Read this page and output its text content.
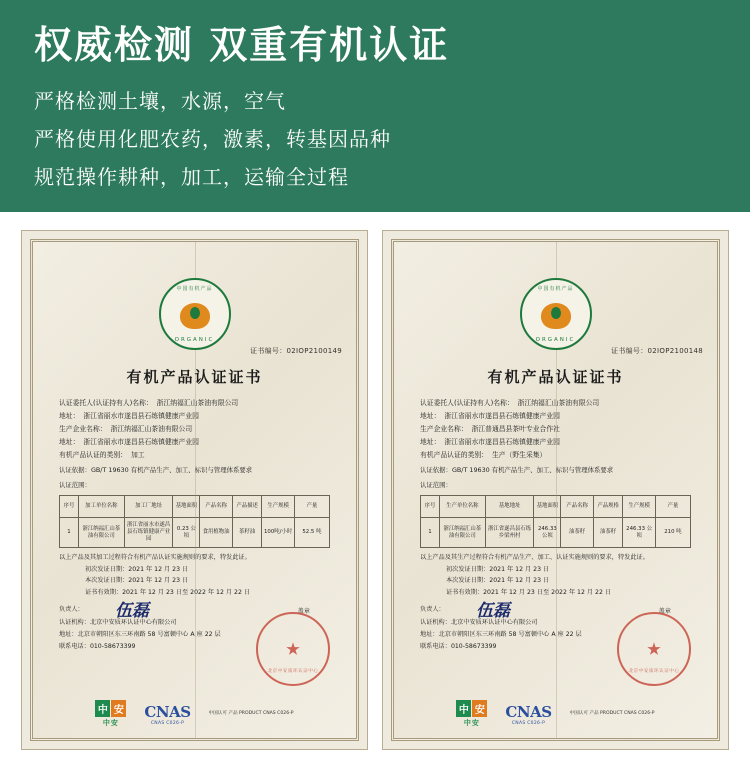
权威检测 双重有机认证
严格检测土壤，水源，空气
严格使用化肥农药，激素，转基因品种
规范操作耕种，加工，运输全过程
中国有机产品
ORGANIC
证书编号：02IOP2100149
有机产品认证证书
认证委托人(认证持有人)名称： 浙江纳福汇山茶油有限公司
地址： 浙江省丽水市遂昌县石练镇健康产业园
生产企业名称： 浙江纳福汇山茶油有限公司
地址： 浙江省丽水市遂昌县石练镇健康产业园
有机产品认证的类别： 加工
认证依据：GB/T 19630 有机产品生产、加工、标识与管理体系要求
认证范围：
序号	加工单位名称	加工厂地址	基地面积	产品名称	产品描述	生产规模	产量
1	浙江纳福汇山茶油有限公司	浙江省丽水市遂昌县石练镇健康产业园	0.23 公顷	食用植物油	茶籽油	100吨/小时	52.5 吨
以上产品及其加工过程符合有机产品认证实施规则的要求，特发此证。
初次发证日期：2021 年 12 月 23 日
本次发证日期：2021 年 12 月 23 日
证书有效期：2021 年 12 月 23 日至 2022 年 12 月 22 日
负责人：	伍磊	盖章
北京中安质环认证中心
认证机构：北京中安质环认证中心有限公司
地址：北京市朝阳区东三环南路 58 号富顿中心 A 座 22 层
联系电话：010-58673399
中 安
中安
CNAS
CNAS C026-P
中国认可 产品 PRODUCT CNAS C026-P
中国有机产品
ORGANIC
证书编号：02IOP2100148
有机产品认证证书
认证委托人(认证持有人)名称： 浙江纳福汇山茶油有限公司
地址： 浙江省丽水市遂昌县石练镇健康产业园
生产企业名称： 浙江普通昌县茶叶专业合作社
地址： 浙江省丽水市遂昌县石练镇健康产业园
有机产品认证的类别： 生产（野生采集）
认证依据：GB/T 19630 有机产品生产、加工、标识与管理体系要求
认证范围：
序号	生产单位名称	基地地址	基地面积	产品名称	产品规格	生产规模	产量
1	浙江纳福汇山茶油有限公司	浙江省遂昌县石练乡梁州村	246.33 公顷	油茶籽	油茶籽	246.33 公顷	210 吨
以上产品及其生产过程符合有机产品生产、加工、认证实施规则的要求，特发此证。
初次发证日期：2021 年 12 月 23 日
本次发证日期：2021 年 12 月 23 日
证书有效期：2021 年 12 月 23 日至 2022 年 12 月 22 日
负责人：	伍磊	盖章
北京中安质环认证中心
认证机构：北京中安质环认证中心有限公司
地址：北京市朝阳区东三环南路 58 号富顿中心 A 座 22 层
联系电话：010-58673399
中 安
中安
CNAS
CNAS C026-P
中国认可 产品 PRODUCT CNAS C026-P
